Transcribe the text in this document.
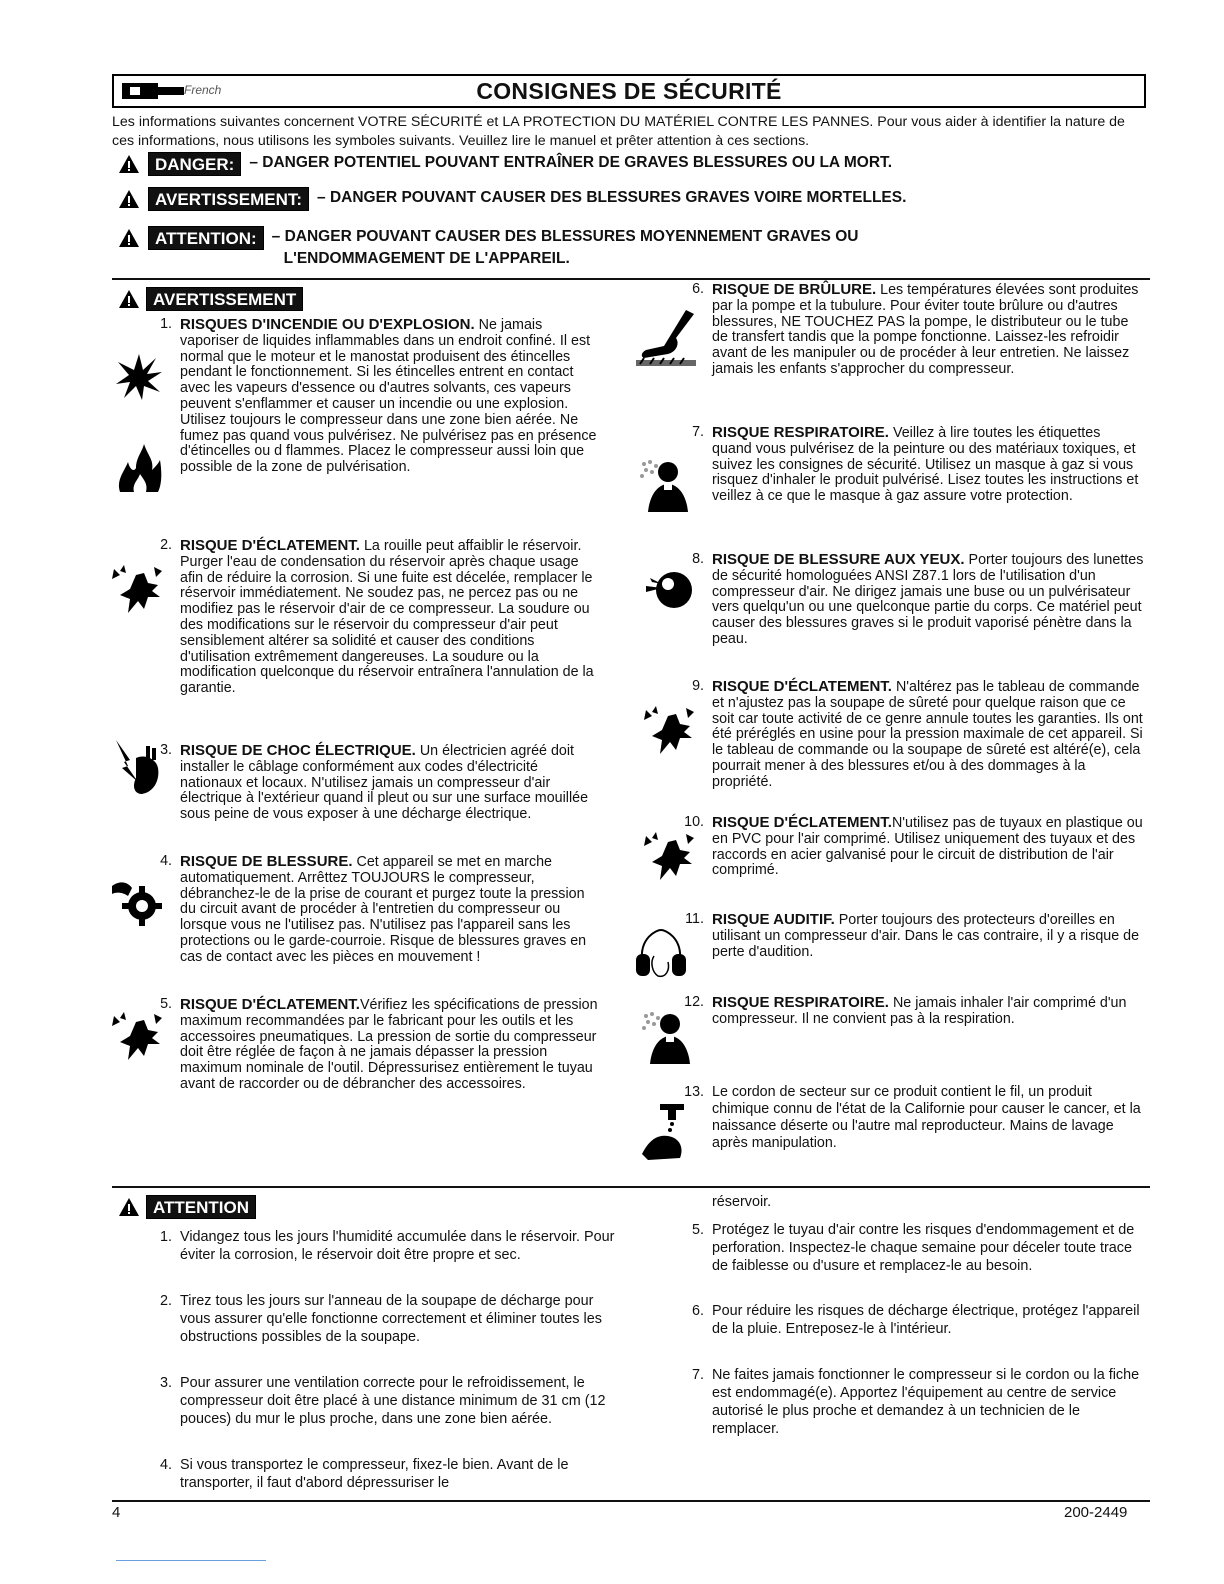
French	CONSIGNES DE SÉCURITÉ
Les informations suivantes concernent VOTRE SÉCURITÉ et LA PROTECTION DU MATÉRIEL CONTRE LES PANNES. Pour vous aider à identifier la nature de ces informations, nous utilisons les symboles suivants. Veuillez lire le manuel et prêter attention à ces sections.
DANGER: – DANGER POTENTIEL POUVANT ENTRAÎNER DE GRAVES BLESSURES OU LA MORT.
AVERTISSEMENT: – DANGER POUVANT CAUSER DES BLESSURES GRAVES VOIRE MORTELLES.
ATTENTION: – DANGER POUVANT CAUSER DES BLESSURES MOYENNEMENT GRAVES OU
L'ENDOMMAGEMENT DE L'APPAREIL.
AVERTISSEMENT
1. RISQUES D'INCENDIE OU D'EXPLOSION. Ne jamais vaporiser de liquides inflammables dans un endroit confiné. Il est normal que le moteur et le manostat produisent des étincelles pendant le fonctionnement. Si les étincelles entrent en contact avec les vapeurs d'essence ou d'autres solvants, ces vapeurs peuvent s'enflammer et causer un incendie ou une explosion. Utilisez toujours le compresseur dans une zone bien aérée. Ne fumez pas quand vous pulvérisez. Ne pulvérisez pas en présence d'étincelles ou d flammes. Placez le compresseur aussi loin que possible de la zone de pulvérisation.
2. RISQUE D'ÉCLATEMENT. La rouille peut affaiblir le réservoir. Purger l'eau de condensation du réservoir après chaque usage afin de réduire la corrosion. Si une fuite est décelée, remplacer le réservoir immédiatement. Ne soudez pas, ne percez pas ou ne modifiez pas le réservoir d'air de ce compresseur. La soudure ou des modifications sur le réservoir du compresseur d'air peut sensiblement altérer sa solidité et causer des conditions d'utilisation extrêmement dangereuses. La soudure ou la modification quelconque du réservoir entraînera l'annulation de la garantie.
3. RISQUE DE CHOC ÉLECTRIQUE. Un électricien agréé doit installer le câblage conformément aux codes d'électricité nationaux et locaux. N'utilisez jamais un compresseur d'air électrique à l'extérieur quand il pleut ou sur une surface mouillée sous peine de vous exposer à une décharge électrique.
4. RISQUE DE BLESSURE. Cet appareil se met en marche automatiquement. Arrêttez TOUJOURS le compresseur, débranchez-le de la prise de courant et purgez toute la pression du circuit avant de procéder à l'entretien du compresseur ou lorsque vous ne l'utilisez pas. N'utilisez pas l'appareil sans les protections ou le garde-courroie. Risque de blessures graves en cas de contact avec les pièces en mouvement !
5. RISQUE D'ÉCLATEMENT.Vérifiez les spécifications de pression maximum recommandées par le fabricant pour les outils et les accessoires pneumatiques. La pression de sortie du compresseur doit être réglée de façon à ne jamais dépasser la pression maximum nominale de l'outil. Dépressurisez entièrement le tuyau avant de raccorder ou de débrancher des accessoires.
6. RISQUE DE BRÛLURE. Les températures élevées sont produites par la pompe et la tubulure. Pour éviter toute brûlure ou d'autres blessures, NE TOUCHEZ PAS la pompe, le distributeur ou le tube de transfert tandis que la pompe fonctionne. Laissez-les refroidir avant de les manipuler ou de procéder à leur entretien. Ne laissez jamais les enfants s'approcher du compresseur.
7. RISQUE RESPIRATOIRE. Veillez à lire toutes les étiquettes quand vous pulvérisez de la peinture ou des matériaux toxiques, et suivez les consignes de sécurité. Utilisez un masque à gaz si vous risquez d'inhaler le produit pulvérisé. Lisez toutes les instructions et veillez à ce que le masque à gaz assure votre protection.
8. RISQUE DE BLESSURE AUX YEUX. Porter toujours des lunettes de sécurité homologuées ANSI Z87.1 lors de l'utilisation d'un compresseur d'air. Ne dirigez jamais une buse ou un pulvérisateur vers quelqu'un ou une quelconque partie du corps. Ce matériel peut causer des blessures graves si le produit vaporisé pénètre dans la peau.
9. RISQUE D'ÉCLATEMENT. N'altérez pas le tableau de commande et n'ajustez pas la soupape de sûreté pour quelque raison que ce soit car toute activité de ce genre annule toutes les garanties. Ils ont été préréglés en usine pour la pression maximale de cet appareil. Si le tableau de commande ou la soupape de sûreté est altéré(e), cela pourrait mener à des blessures et/ou à des dommages à la propriété.
10. RISQUE D'ÉCLATEMENT.N'utilisez pas de tuyaux en plastique ou en PVC pour l'air comprimé. Utilisez uniquement des tuyaux et des raccords en acier galvanisé pour le circuit de distribution de l'air comprimé.
11. RISQUE AUDITIF. Porter toujours des protecteurs d'oreilles en utilisant un compresseur d'air. Dans le cas contraire, il y a risque de perte d'audition.
12. RISQUE RESPIRATOIRE. Ne jamais inhaler l'air comprimé d'un compresseur. Il ne convient pas à la respiration.
13. Le cordon de secteur sur ce produit contient le fil, un produit chimique connu de l'état de la Californie pour causer le cancer, et la naissance déserte ou l'autre mal reproducteur. Mains de lavage après manipulation.
ATTENTION
1. Vidangez tous les jours l'humidité accumulée dans le réservoir. Pour éviter la corrosion, le réservoir doit être propre et sec.
2. Tirez tous les jours sur l'anneau de la soupape de décharge pour vous assurer qu'elle fonctionne correctement et éliminer toutes les obstructions possibles de la soupape.
3. Pour assurer une ventilation correcte pour le refroidissement, le compresseur doit être placé à une distance minimum de 31 cm (12 pouces) du mur le plus proche, dans une zone bien aérée.
4. Si vous transportez le compresseur, fixez-le bien. Avant de le transporter, il faut d'abord dépressuriser le
réservoir.
5. Protégez le tuyau d'air contre les risques d'endommagement et de perforation. Inspectez-le chaque semaine pour déceler toute trace de faiblesse ou d'usure et remplacez-le au besoin.
6. Pour réduire les risques de décharge électrique, protégez l'appareil de la pluie. Entreposez-le à l'intérieur.
7. Ne faites jamais fonctionner le compresseur si le cordon ou la fiche est endommagé(e). Apportez l'équipement au centre de service autorisé le plus proche et demandez à un technicien de le remplacer.
4	200-2449
